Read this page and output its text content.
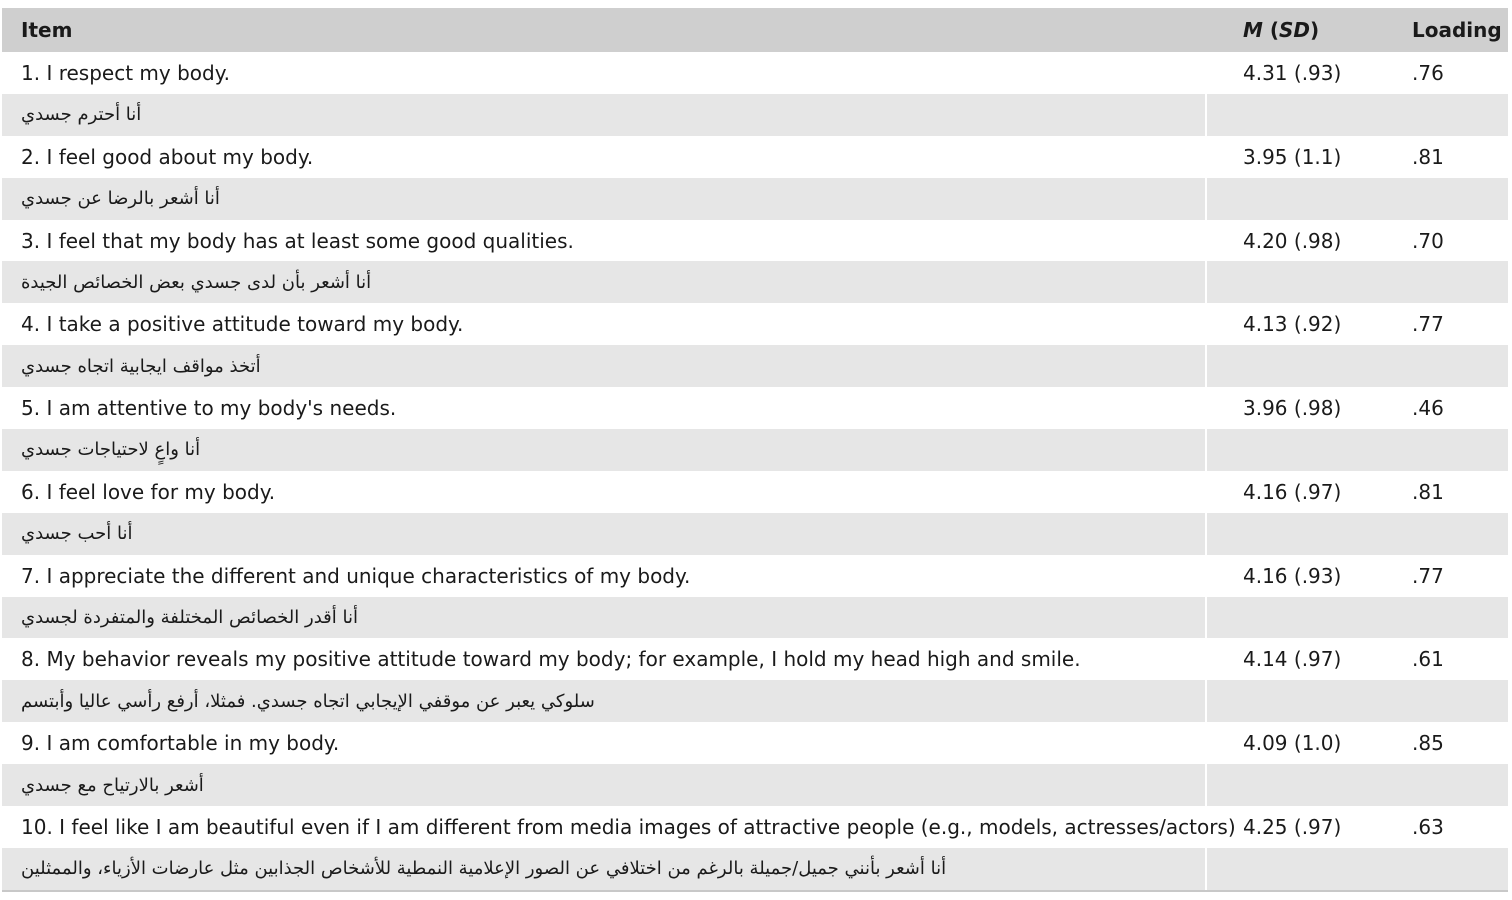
Item	M (SD)	Loading
1. I respect my body.	4.31 (.93)	.76
أنا أحترم جسدي
2. I feel good about my body.	3.95 (1.1)	.81
أنا أشعر بالرضا عن جسدي
3. I feel that my body has at least some good qualities.	4.20 (.98)	.70
أنا أشعر بأن لدى جسدي بعض الخصائص الجيدة
4. I take a positive attitude toward my body.	4.13 (.92)	.77
أتخذ مواقف ايجابية اتجاه جسدي
5. I am attentive to my body's needs.	3.96 (.98)	.46
أنا واعٍ لاحتياجات جسدي
6. I feel love for my body.	4.16 (.97)	.81
أنا أحب جسدي
7. I appreciate the different and unique characteristics of my body.	4.16 (.93)	.77
أنا أقدر الخصائص المختلفة والمتفردة لجسدي
8. My behavior reveals my positive attitude toward my body; for example, I hold my head high and smile.	4.14 (.97)	.61
سلوكي يعبر عن موقفي الإيجابي اتجاه جسدي. فمثلا، أرفع رأسي عاليا وأبتسم
9. I am comfortable in my body.	4.09 (1.0)	.85
أشعر بالارتياح مع جسدي
10. I feel like I am beautiful even if I am different from media images of attractive people (e.g., models, actresses/actors) 4.25 (.97)	.63
أنا أشعر بأنني جميل/جميلة بالرغم من اختلافي عن الصور الإعلامية النمطية للأشخاص الجذابين مثل عارضات الأزياء، والممثلين
